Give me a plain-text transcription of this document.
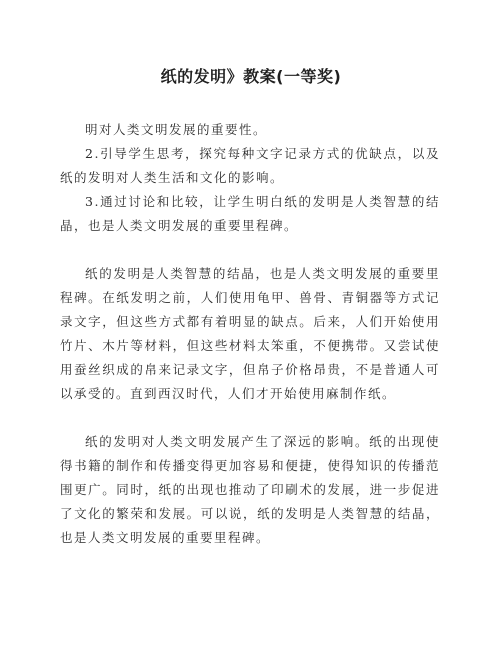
纸的发明》教案(一等奖)

明对人类文明发展的重要性。

2.引导学生思考，探究每种文字记录方式的优缺点，以及纸的发明对人类生活和文化的影响。

3.通过讨论和比较，让学生明白纸的发明是人类智慧的结晶，也是人类文明发展的重要里程碑。

纸的发明是人类智慧的结晶，也是人类文明发展的重要里程碑。在纸发明之前，人们使用龟甲、兽骨、青铜器等方式记录文字，但这些方式都有着明显的缺点。后来，人们开始使用竹片、木片等材料，但这些材料太笨重，不便携带。又尝试使用蚕丝织成的帛来记录文字，但帛子价格昂贵，不是普通人可以承受的。直到西汉时代，人们才开始使用麻制作纸。

纸的发明对人类文明发展产生了深远的影响。纸的出现使得书籍的制作和传播变得更加容易和便捷，使得知识的传播范围更广。同时，纸的出现也推动了印刷术的发展，进一步促进了文化的繁荣和发展。可以说，纸的发明是人类智慧的结晶，也是人类文明发展的重要里程碑。
